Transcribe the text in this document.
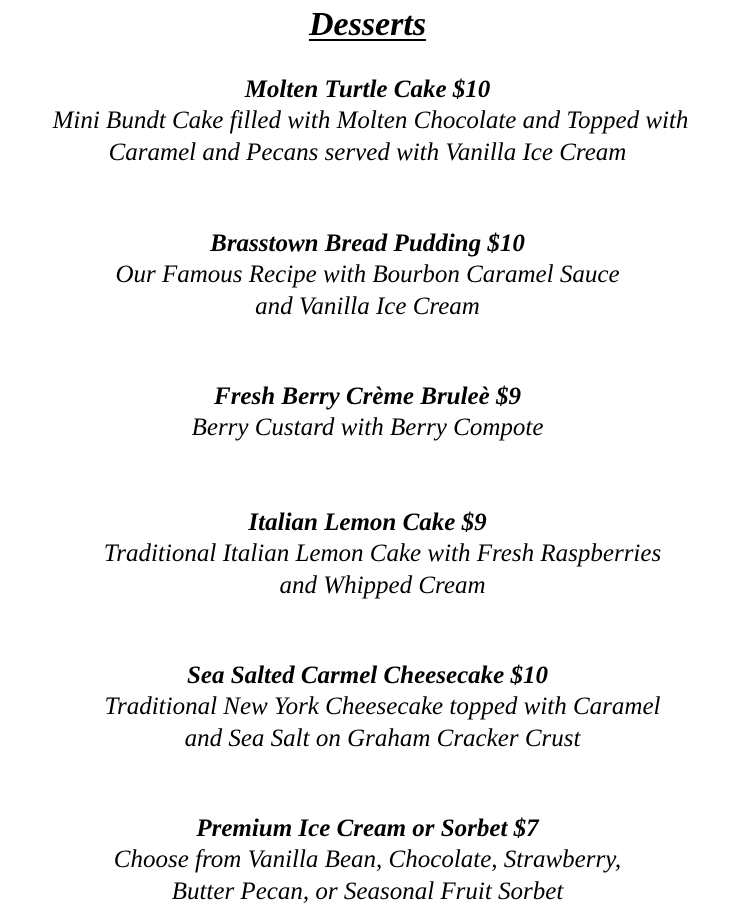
Desserts
Molten Turtle Cake $10
Mini Bundt Cake filled with Molten Chocolate and Topped with
Caramel and Pecans served with Vanilla Ice Cream
Brasstown Bread Pudding $10
Our Famous Recipe with Bourbon Caramel Sauce
and Vanilla Ice Cream
Fresh Berry Crème Bruleè $9
Berry Custard with Berry Compote
Italian Lemon Cake $9
Traditional Italian Lemon Cake with Fresh Raspberries
and Whipped Cream
Sea Salted Carmel Cheesecake $10
Traditional New York Cheesecake topped with Caramel
and Sea Salt on Graham Cracker Crust
Premium Ice Cream or Sorbet $7
Choose from Vanilla Bean, Chocolate, Strawberry,
Butter Pecan, or Seasonal Fruit Sorbet
